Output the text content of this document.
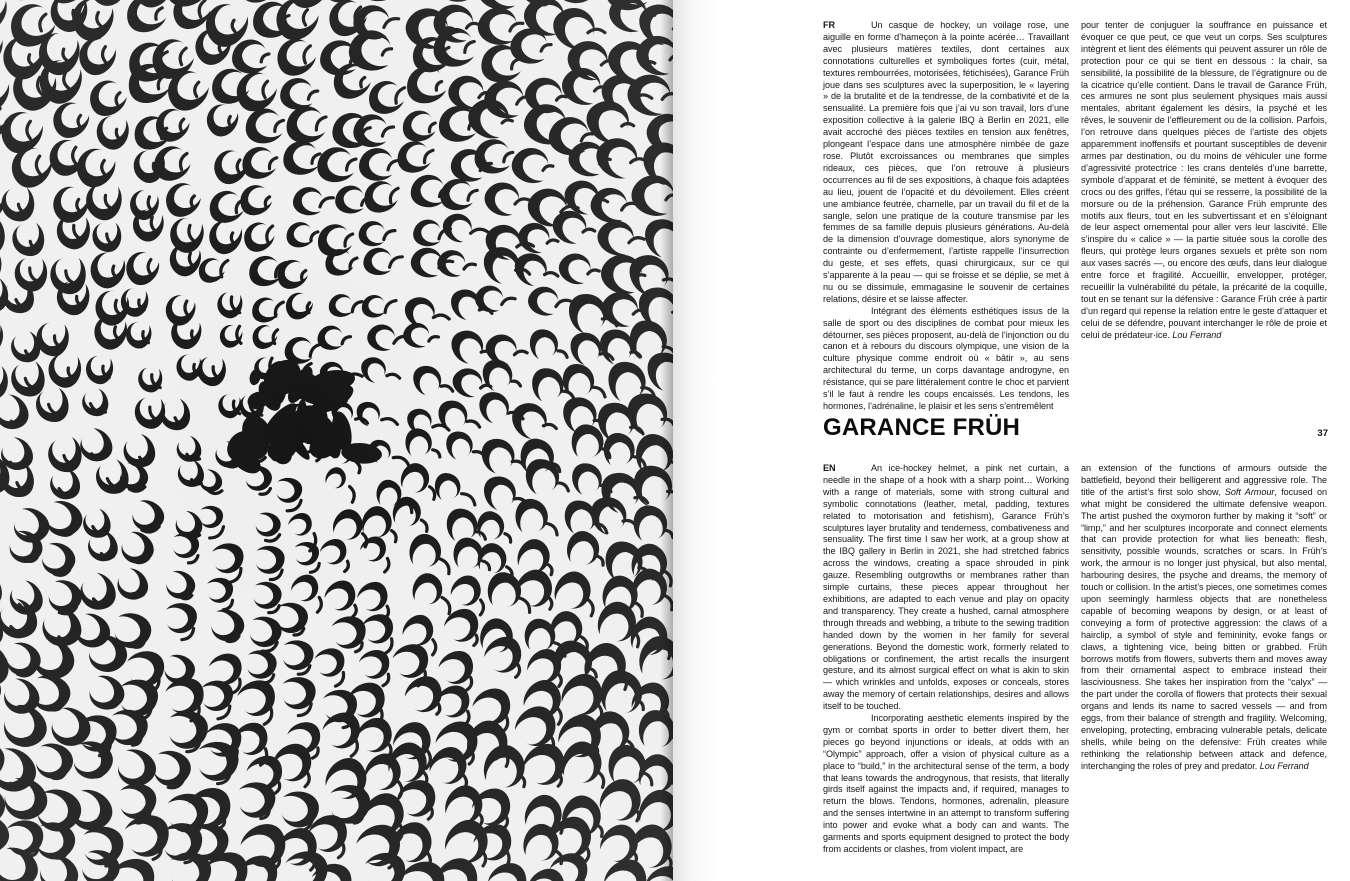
FR	Un casque de hockey, un voilage rose, une aiguille en forme d’hameçon à la pointe acérée… Travaillant avec plusieurs matières textiles, dont certaines aux connotations culturelles et symboliques fortes (cuir, métal, textures rembourrées, motorisées, fétichisées), Garance Früh joue dans ses sculptures avec la superposition, le « layering » de la brutalité et de la tendresse, de la combativité et de la sensualité. La première fois que j’ai vu son travail, lors d’une exposition collective à la galerie IBQ à Berlin en 2021, elle avait accroché des pièces textiles en tension aux fenêtres, plongeant l’espace dans une atmosphère nimbée de gaze rose. Plutôt excroissances ou membranes que simples rideaux, ces pièces, que l’on retrouve à plusieurs occurrences au fil de ses expositions, à chaque fois adaptées au lieu, jouent de l’opacité et du dévoilement. Elles créent une ambiance feutrée, charnelle, par un travail du fil et de la sangle, selon une pratique de la couture transmise par les femmes de sa famille depuis plusieurs générations. Au-delà de la dimension d’ouvrage domestique, alors synonyme de contrainte ou d’enfermement, l’artiste rappelle l’insurrection du geste, et ses effets, quasi chirurgicaux, sur ce qui s’apparente à la peau — qui se froisse et se déplie, se met à nu ou se dissimule, emmagasine le souvenir de certaines relations, désire et se laisse affecter.

Intégrant des éléments esthétiques issus de la salle de sport ou des disciplines de combat pour mieux les détourner, ses pièces proposent, au-delà de l’injonction ou du canon et à rebours du discours olympique, une vision de la culture physique comme endroit où « bâtir », au sens architectural du terme, un corps davantage androgyne, en résistance, qui se pare littéralement contre le choc et parvient s’il le faut à rendre les coups encaissés. Les tendons, les hormones, l’adrénaline, le plaisir et les sens s’entremêlent

pour tenter de conjuguer la souffrance en puissance et évoquer ce que peut, ce que veut un corps. Ses sculptures intègrent et lient des éléments qui peuvent assurer un rôle de protection pour ce qui se tient en dessous : la chair, sa sensibilité, la possibilité de la blessure, de l’égratignure ou de la cicatrice qu’elle contient. Dans le travail de Garance Früh, ces armures ne sont plus seulement physiques mais aussi mentales, abritant également les désirs, la psyché et les rêves, le souvenir de l’effleurement ou de la collision. Parfois, l’on retrouve dans quelques pièces de l’artiste des objets apparemment inoffensifs et pourtant susceptibles de devenir armes par destination, ou du moins de véhiculer une forme d’agressivité protectrice : les crans dentelés d’une barrette, symbole d’apparat et de féminité, se mettent à évoquer des crocs ou des griffes, l’étau qui se resserre, la possibilité de la morsure ou de la préhension. Garance Früh emprunte des motifs aux fleurs, tout en les subvertissant et en s’éloignant de leur aspect ornemental pour aller vers leur lascivité. Elle s’inspire du « calice » — la partie située sous la corolle des fleurs, qui protège leurs organes sexuels et prête son nom aux vases sacrés —, ou encore des œufs, dans leur dialogue entre force et fragilité. Accueillir, envelopper, protéger, recueillir la vulnérabilité du pétale, la précarité de la coquille, tout en se tenant sur la défensive : Garance Früh crée à partir d’un regard qui repense la relation entre le geste d’attaquer et celui de se défendre, pouvant interchanger le rôle de proie et celui de prédateur·ice. Lou Ferrand

GARANCE FRÜH	37

EN	An ice-hockey helmet, a pink net curtain, a needle in the shape of a hook with a sharp point… Working with a range of materials, some with strong cultural and symbolic connotations (leather, metal, padding, textures related to motorisation and fetishism), Garance Früh’s sculptures layer brutality and tenderness, combativeness and sensuality. The first time I saw her work, at a group show at the IBQ gallery in Berlin in 2021, she had stretched fabrics across the windows, creating a space shrouded in pink gauze. Resembling outgrowths or membranes rather than simple curtains, these pieces appear throughout her exhibitions, are adapted to each venue and play on opacity and transparency. They create a hushed, carnal atmosphere through threads and webbing, a tribute to the sewing tradition handed down by the women in her family for several generations. Beyond the domestic work, formerly related to obligations or confinement, the artist recalls the insurgent gesture, and its almost surgical effect on what is akin to skin — which wrinkles and unfolds, exposes or conceals, stores away the memory of certain relationships, desires and allows itself to be touched.

Incorporating aesthetic elements inspired by the gym or combat sports in order to better divert them, her pieces go beyond injunctions or ideals, at odds with an “Olympic” approach, offer a vision of physical culture as a place to “build,” in the architectural sense of the term, a body that leans towards the androgynous, that resists, that literally girds itself against the impacts and, if required, manages to return the blows. Tendons, hormones, adrenalin, pleasure and the senses intertwine in an attempt to transform suffering into power and evoke what a body can and wants. The garments and sports equipment designed to protect the body from accidents or clashes, from violent impact, are

an extension of the functions of armours outside the battlefield, beyond their belligerent and aggressive role. The title of the artist’s first solo show, Soft Armour, focused on what might be considered the ultimate defensive weapon. The artist pushed the oxymoron further by making it “soft” or “limp,” and her sculptures incorporate and connect elements that can provide protection for what lies beneath: flesh, sensitivity, possible wounds, scratches or scars. In Früh’s work, the armour is no longer just physical, but also mental, harbouring desires, the psyche and dreams, the memory of touch or collision. In the artist’s pieces, one sometimes comes upon seemingly harmless objects that are nonetheless capable of becoming weapons by design, or at least of conveying a form of protective aggression: the claws of a hairclip, a symbol of style and femininity, evoke fangs or claws, a tightening vice, being bitten or grabbed. Früh borrows motifs from flowers, subverts them and moves away from their ornamental aspect to embrace instead their lasciviousness. She takes her inspiration from the “calyx” — the part under the corolla of flowers that protects their sexual organs and lends its name to sacred vessels — and from eggs, from their balance of strength and fragility. Welcoming, enveloping, protecting, embracing vulnerable petals, delicate shells, while being on the defensive: Früh creates while rethinking the relationship between attack and defence, interchanging the roles of prey and predator. Lou Ferrand
